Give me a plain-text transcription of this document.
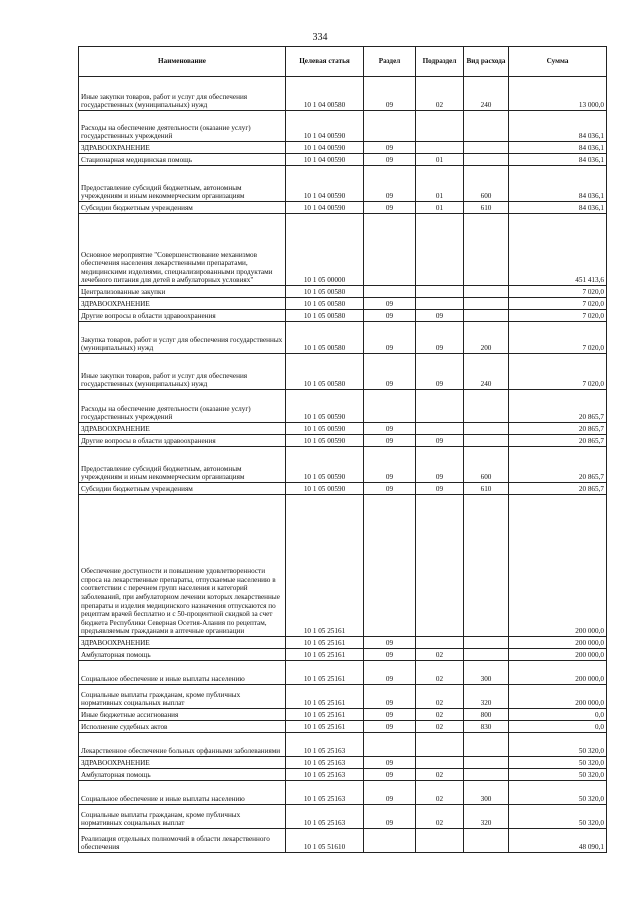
334
Наименование	Целевая статья	Раздел	Подраздел	Вид расхода	Сумма
Иные закупки товаров, работ и услуг для обеспечения государственных (муниципальных) нужд	10 1 04 00580	09	02	240	13 000,0
Расходы на обеспечение деятельности (оказание услуг) государственных учреждений	10 1 04 00590				84 036,1
ЗДРАВООХРАНЕНИЕ	10 1 04 00590	09			84 036,1
Стационарная медицинская помощь	10 1 04 00590	09	01		84 036,1
Предоставление субсидий бюджетным, автономным учреждениям и иным некоммерческим организациям	10 1 04 00590	09	01	600	84 036,1
Субсидии бюджетным учреждениям	10 1 04 00590	09	01	610	84 036,1
Основное мероприятие "Совершенствование механизмов обеспечения населения лекарственными препаратами, медицинскими изделиями, специализированными продуктами лечебного питания для детей в амбулаторных условиях"	10 1 05 00000				451 413,6
Централизованные закупки	10 1 05 00580				7 020,0
ЗДРАВООХРАНЕНИЕ	10 1 05 00580	09			7 020,0
Другие вопросы в области здравоохранения	10 1 05 00580	09	09		7 020,0
Закупка товаров, работ и услуг для обеспечения государственных (муниципальных) нужд	10 1 05 00580	09	09	200	7 020,0
Иные закупки товаров, работ и услуг для обеспечения государственных (муниципальных) нужд	10 1 05 00580	09	09	240	7 020,0
Расходы на обеспечение деятельности (оказание услуг) государственных учреждений	10 1 05 00590				20 865,7
ЗДРАВООХРАНЕНИЕ	10 1 05 00590	09			20 865,7
Другие вопросы в области здравоохранения	10 1 05 00590	09	09		20 865,7
Предоставление субсидий бюджетным, автономным учреждениям и иным некоммерческим организациям	10 1 05 00590	09	09	600	20 865,7
Субсидии бюджетным учреждениям	10 1 05 00590	09	09	610	20 865,7
Обеспечение доступности и повышение удовлетворенности спроса на лекарственные препараты, отпускаемые населению в соответствии с перечнем групп населения и категорий заболеваний, при амбулаторном лечении которых лекарственные препараты и изделия медицинского назначения отпускаются по рецептам врачей бесплатно и с 50-процентной скидкой за счет бюджета Республики Северная Осетия-Алания по рецептам, предъявляемым гражданами в аптечные организации	10 1 05 25161				200 000,0
ЗДРАВООХРАНЕНИЕ	10 1 05 25161	09			200 000,0
Амбулаторная помощь	10 1 05 25161	09	02		200 000,0
Социальное обеспечение и иные выплаты населению	10 1 05 25161	09	02	300	200 000,0
Социальные выплаты гражданам, кроме публичных нормативных социальных выплат	10 1 05 25161	09	02	320	200 000,0
Иные бюджетные ассигнования	10 1 05 25161	09	02	800	0,0
Исполнение судебных актов	10 1 05 25161	09	02	830	0,0
Лекарственное обеспечение больных орфанными заболеваниями	10 1 05 25163				50 320,0
ЗДРАВООХРАНЕНИЕ	10 1 05 25163	09			50 320,0
Амбулаторная помощь	10 1 05 25163	09	02		50 320,0
Социальное обеспечение и иные выплаты населению	10 1 05 25163	09	02	300	50 320,0
Социальные выплаты гражданам, кроме публичных нормативных социальных выплат	10 1 05 25163	09	02	320	50 320,0
Реализация отдельных полномочий в области лекарственного обеспечения	10 1 05 51610				48 090,1
